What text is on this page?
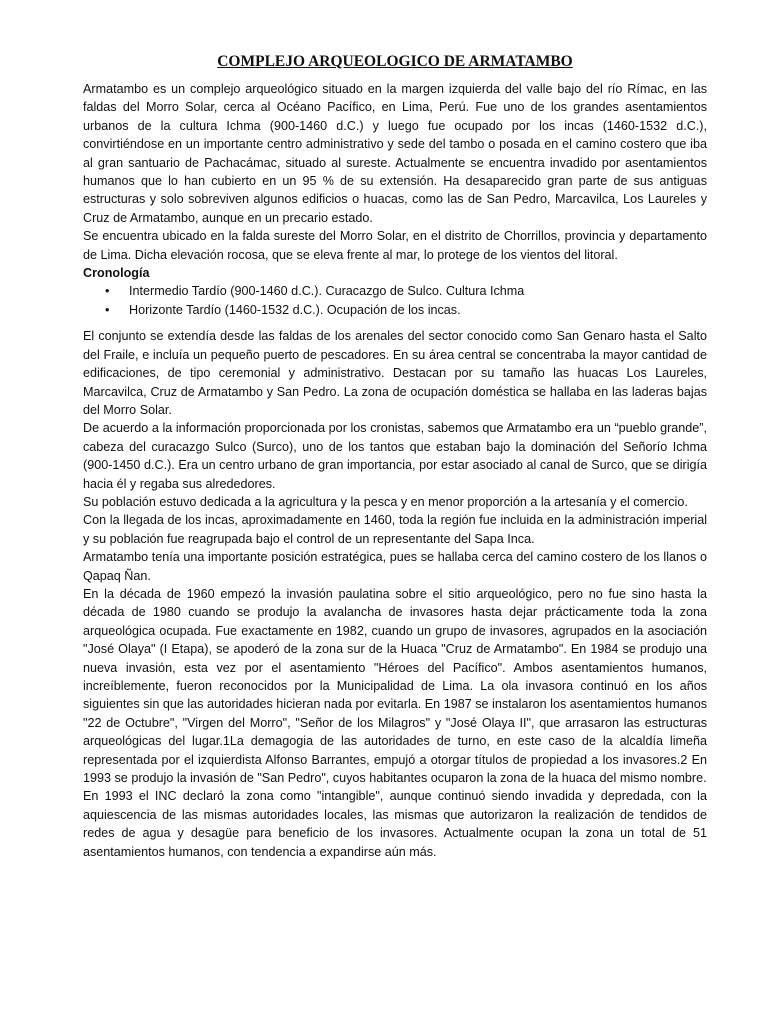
COMPLEJO ARQUEOLOGICO DE ARMATAMBO

Armatambo es un complejo arqueológico situado en la margen izquierda del valle bajo del río Rímac, en las faldas del Morro Solar, cerca al Océano Pacífico, en Lima, Perú. Fue uno de los grandes asentamientos urbanos de la cultura Ichma (900-1460 d.C.) y luego fue ocupado por los incas (1460-1532 d.C.), convirtiéndose en un importante centro administrativo y sede del tambo o posada en el camino costero que iba al gran santuario de Pachacámac, situado al sureste. Actualmente se encuentra invadido por asentamientos humanos que lo han cubierto en un 95 % de su extensión. Ha desaparecido gran parte de sus antiguas estructuras y solo sobreviven algunos edificios o huacas, como las de San Pedro, Marcavilca, Los Laureles y Cruz de Armatambo, aunque en un precario estado.

Se encuentra ubicado en la falda sureste del Morro Solar, en el distrito de Chorrillos, provincia y departamento de Lima. Dicha elevación rocosa, que se eleva frente al mar, lo protege de los vientos del litoral.

Cronología

• Intermedio Tardío (900-1460 d.C.). Curacazgo de Sulco. Cultura Ichma
• Horizonte Tardío (1460-1532 d.C.). Ocupación de los incas.

El conjunto se extendía desde las faldas de los arenales del sector conocido como San Genaro hasta el Salto del Fraile, e incluía un pequeño puerto de pescadores. En su área central se concentraba la mayor cantidad de edificaciones, de tipo ceremonial y administrativo. Destacan por su tamaño las huacas Los Laureles, Marcavilca, Cruz de Armatambo y San Pedro. La zona de ocupación doméstica se hallaba en las laderas bajas del Morro Solar.

De acuerdo a la información proporcionada por los cronistas, sabemos que Armatambo era un “pueblo grande”, cabeza del curacazgo Sulco (Surco), uno de los tantos que estaban bajo la dominación del Señorío Ichma (900-1450 d.C.). Era un centro urbano de gran importancia, por estar asociado al canal de Surco, que se dirigía hacia él y regaba sus alrededores.

Su población estuvo dedicada a la agricultura y la pesca y en menor proporción a la artesanía y el comercio.

Con la llegada de los incas, aproximadamente en 1460, toda la región fue incluida en la administración imperial y su población fue reagrupada bajo el control de un representante del Sapa Inca.

Armatambo tenía una importante posición estratégica, pues se hallaba cerca del camino costero de los llanos o Qapaq Ñan.

En la década de 1960 empezó la invasión paulatina sobre el sitio arqueológico, pero no fue sino hasta la década de 1980 cuando se produjo la avalancha de invasores hasta dejar prácticamente toda la zona arqueológica ocupada. Fue exactamente en 1982, cuando un grupo de invasores, agrupados en la asociación "José Olaya" (I Etapa), se apoderó de la zona sur de la Huaca "Cruz de Armatambo". En 1984 se produjo una nueva invasión, esta vez por el asentamiento "Héroes del Pacífico". Ambos asentamientos humanos, increíblemente, fueron reconocidos por la Municipalidad de Lima. La ola invasora continuó en los años siguientes sin que las autoridades hicieran nada por evitarla. En 1987 se instalaron los asentamientos humanos "22 de Octubre", "Virgen del Morro", "Señor de los Milagros" y "José Olaya II", que arrasaron las estructuras arqueológicas del lugar.1La demagogia de las autoridades de turno, en este caso de la alcaldía limeña representada por el izquierdista Alfonso Barrantes, empujó a otorgar títulos de propiedad a los invasores.2 En 1993 se produjo la invasión de "San Pedro", cuyos habitantes ocuparon la zona de la huaca del mismo nombre.

En 1993 el INC declaró la zona como "intangible", aunque continuó siendo invadida y depredada, con la aquiescencia de las mismas autoridades locales, las mismas que autorizaron la realización de tendidos de redes de agua y desagüe para beneficio de los invasores. Actualmente ocupan la zona un total de 51 asentamientos humanos, con tendencia a expandirse aún más.
